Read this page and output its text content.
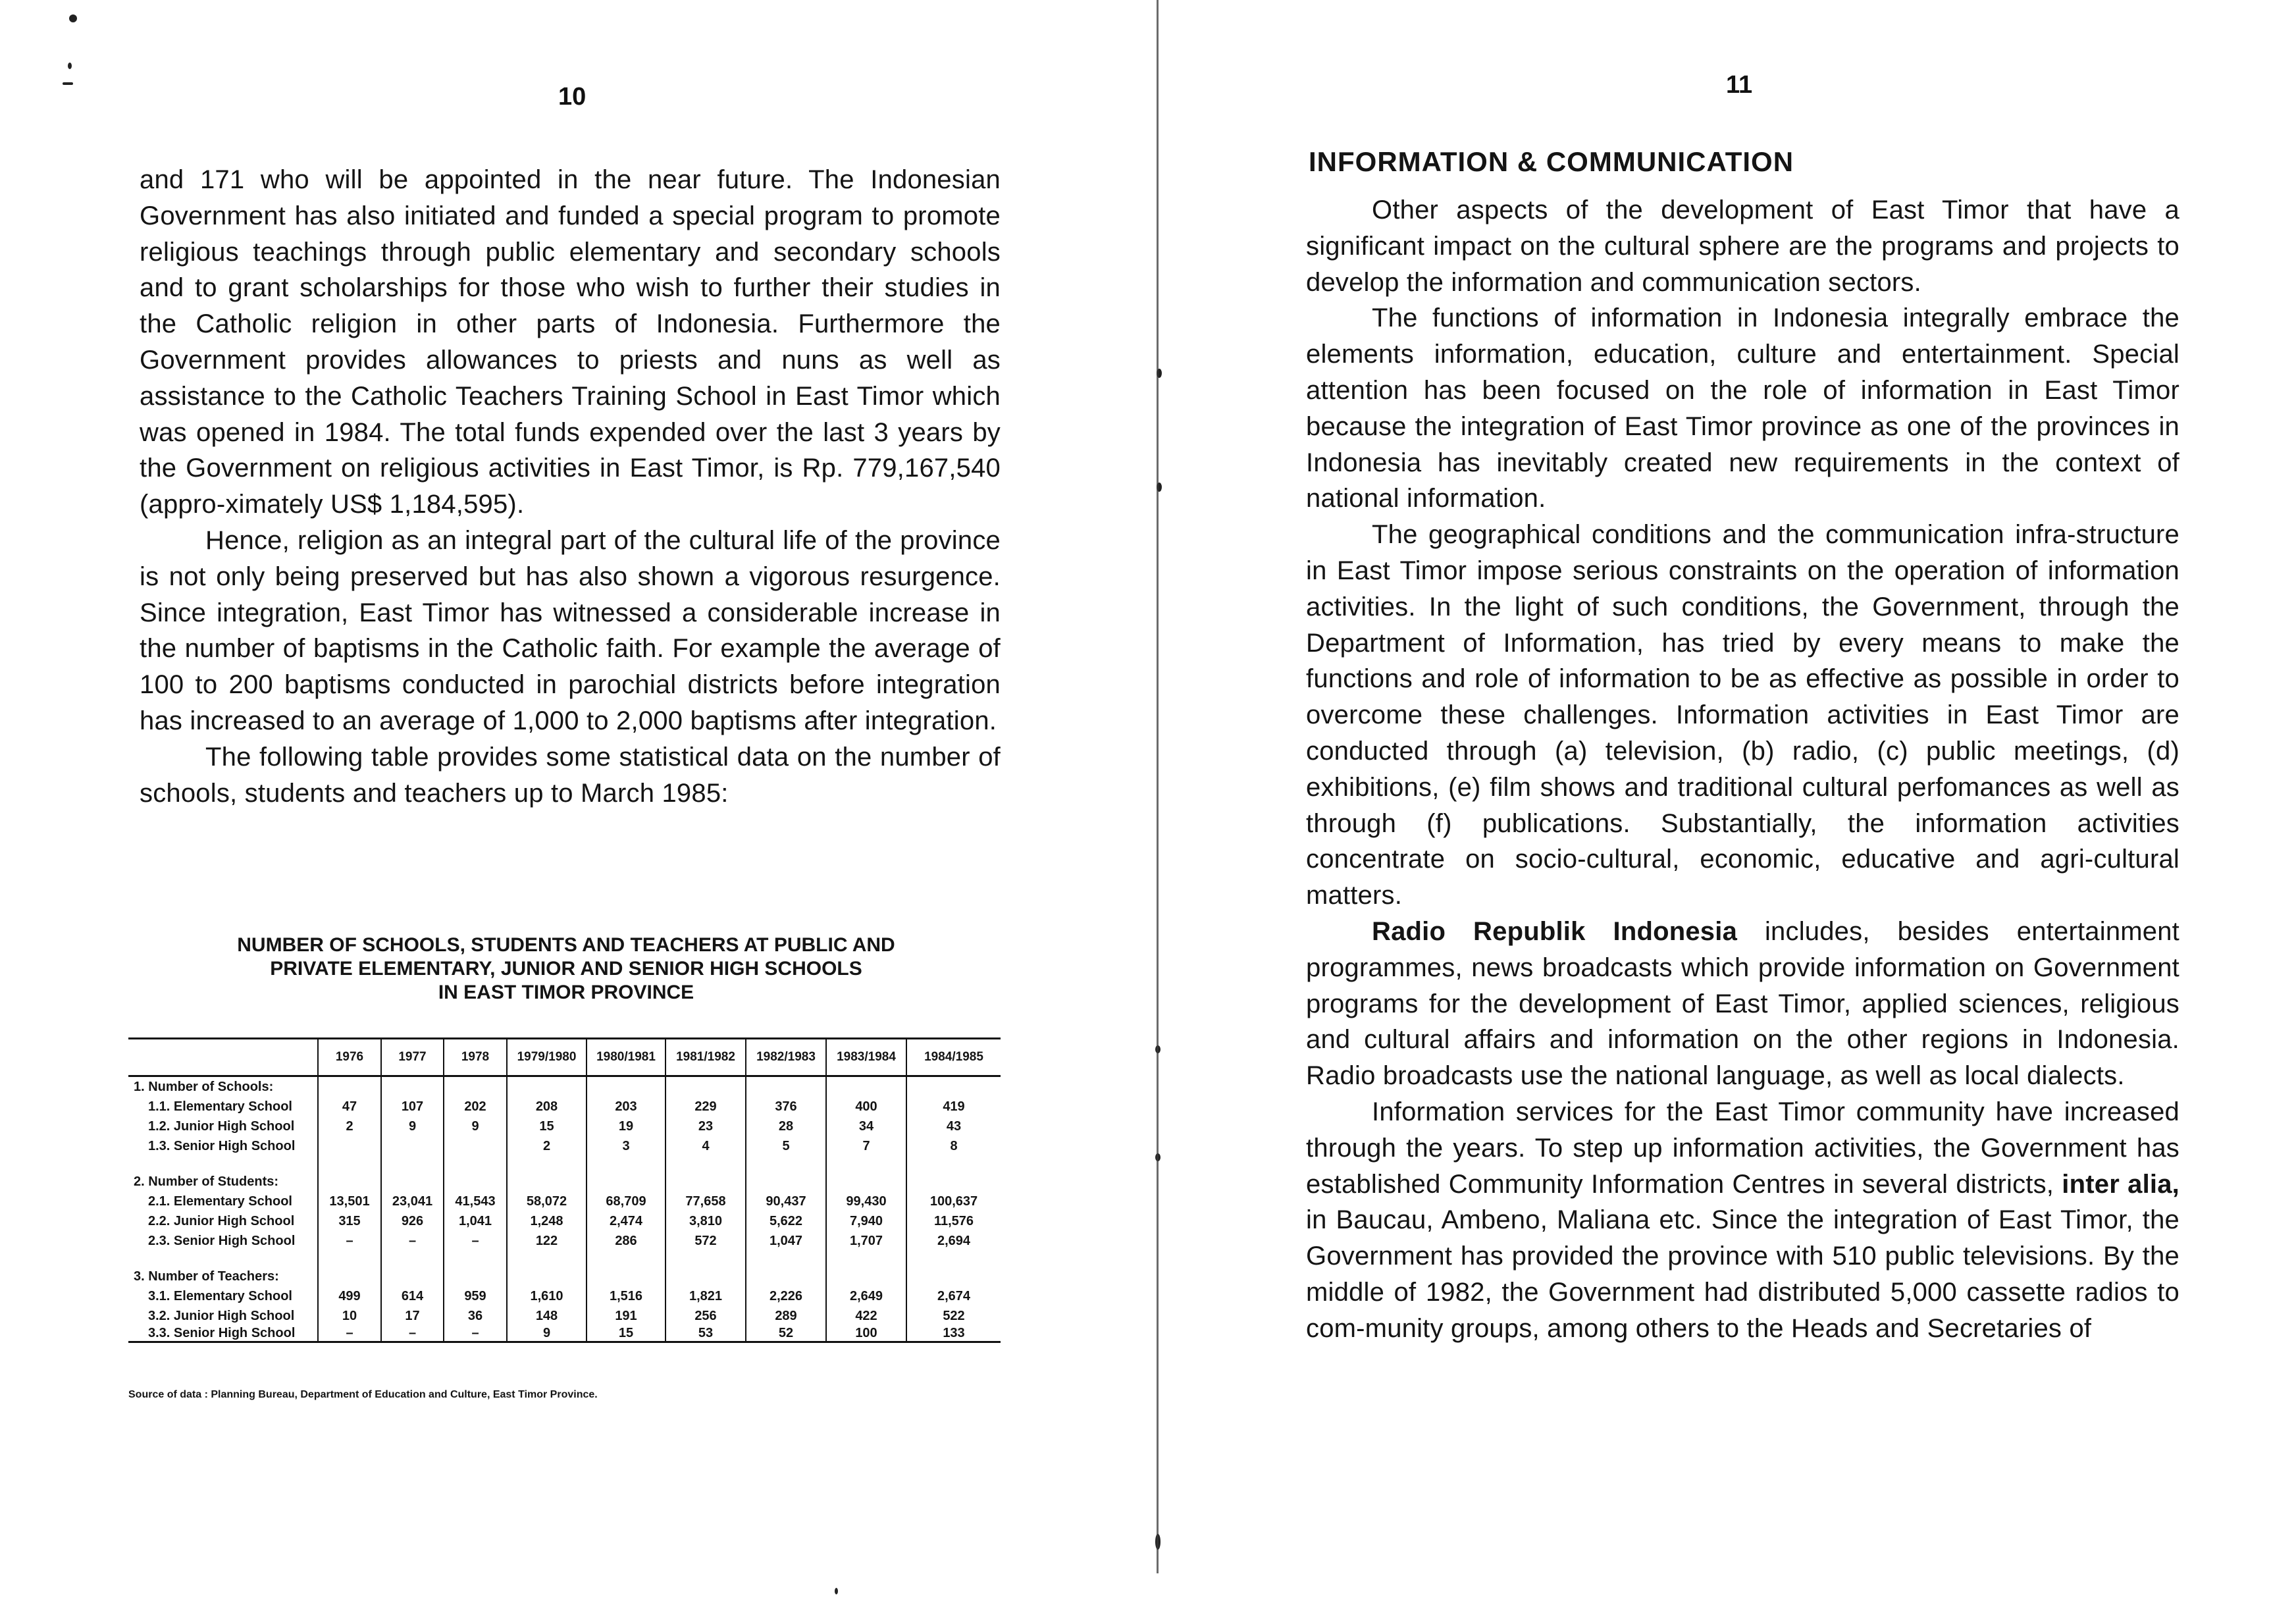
10

and 171 who will be appointed in the near future. The Indonesian Government has also initiated and funded a special program to promote religious teachings through public elementary and secondary schools and to grant scholarships for those who wish to further their studies in the Catholic religion in other parts of Indonesia. Furthermore the Government provides allowances to priests and nuns as well as assistance to the Catholic Teachers Training School in East Timor which was opened in 1984. The total funds expended over the last 3 years by the Government on religious activities in East Timor, is Rp. 779,167,540 (appro-ximately US$ 1,184,595).

Hence, religion as an integral part of the cultural life of the province is not only being preserved but has also shown a vigorous resurgence. Since integration, East Timor has witnessed a considerable increase in the number of baptisms in the Catholic faith. For example the average of 100 to 200 baptisms conducted in parochial districts before integration has increased to an average of 1,000 to 2,000 baptisms after integration.

The following table provides some statistical data on the number of schools, students and teachers up to March 1985:

NUMBER OF SCHOOLS, STUDENTS AND TEACHERS AT PUBLIC AND
PRIVATE ELEMENTARY, JUNIOR AND SENIOR HIGH SCHOOLS
IN EAST TIMOR PROVINCE
	1976	1977	1978	1979/1980	1980/1981	1981/1982	1982/1983	1983/1984	1984/1985
1. Number of Schools:									
1.1. Elementary School	47	107	202	208	203	229	376	400	419
1.2. Junior High School	2	9	9	15	19	23	28	34	43
1.3. Senior High School				2	3	4	5	7	8

2. Number of Students:									
2.1. Elementary School	13,501	23,041	41,543	58,072	68,709	77,658	90,437	99,430	100,637
2.2. Junior High School	315	926	1,041	1,248	2,474	3,810	5,622	7,940	11,576
2.3. Senior High School	–	–	–	122	286	572	1,047	1,707	2,694

3. Number of Teachers:									
3.1. Elementary School	499	614	959	1,610	1,516	1,821	2,226	2,649	2,674
3.2. Junior High School	10	17	36	148	191	256	289	422	522
3.3. Senior High School	–	–	–	9	15	53	52	100	133
Source of data : Planning Bureau, Department of Education and Culture, East Timor Province.
11
INFORMATION & COMMUNICATION

Other aspects of the development of East Timor that have a significant impact on the cultural sphere are the programs and projects to develop the information and communication sectors.

The functions of information in Indonesia integrally embrace the elements information, education, culture and entertainment. Special attention has been focused on the role of information in East Timor because the integration of East Timor province as one of the provinces in Indonesia has inevitably created new requirements in the context of national information.

The geographical conditions and the communication infra-structure in East Timor impose serious constraints on the operation of information activities. In the light of such conditions, the Government, through the Department of Information, has tried by every means to make the functions and role of information to be as effective as possible in order to overcome these challenges. Information activities in East Timor are conducted through (a) television, (b) radio, (c) public meetings, (d) exhibitions, (e) film shows and traditional cultural perfomances as well as through (f) publications. Substantially, the information activities concentrate on socio-cultural, economic, educative and agri-cultural matters.

Radio Republik Indonesia includes, besides entertainment programmes, news broadcasts which provide information on Government programs for the development of East Timor, applied sciences, religious and cultural affairs and information on the other regions in Indonesia. Radio broadcasts use the national language, as well as local dialects.

Information services for the East Timor community have increased through the years. To step up information activities, the Government has established Community Information Centres in several districts, inter alia, in Baucau, Ambeno, Maliana etc. Since the integration of East Timor, the Government has provided the province with 510 public televisions. By the middle of 1982, the Government had distributed 5,000 cassette radios to com-munity groups, among others to the Heads and Secretaries of
